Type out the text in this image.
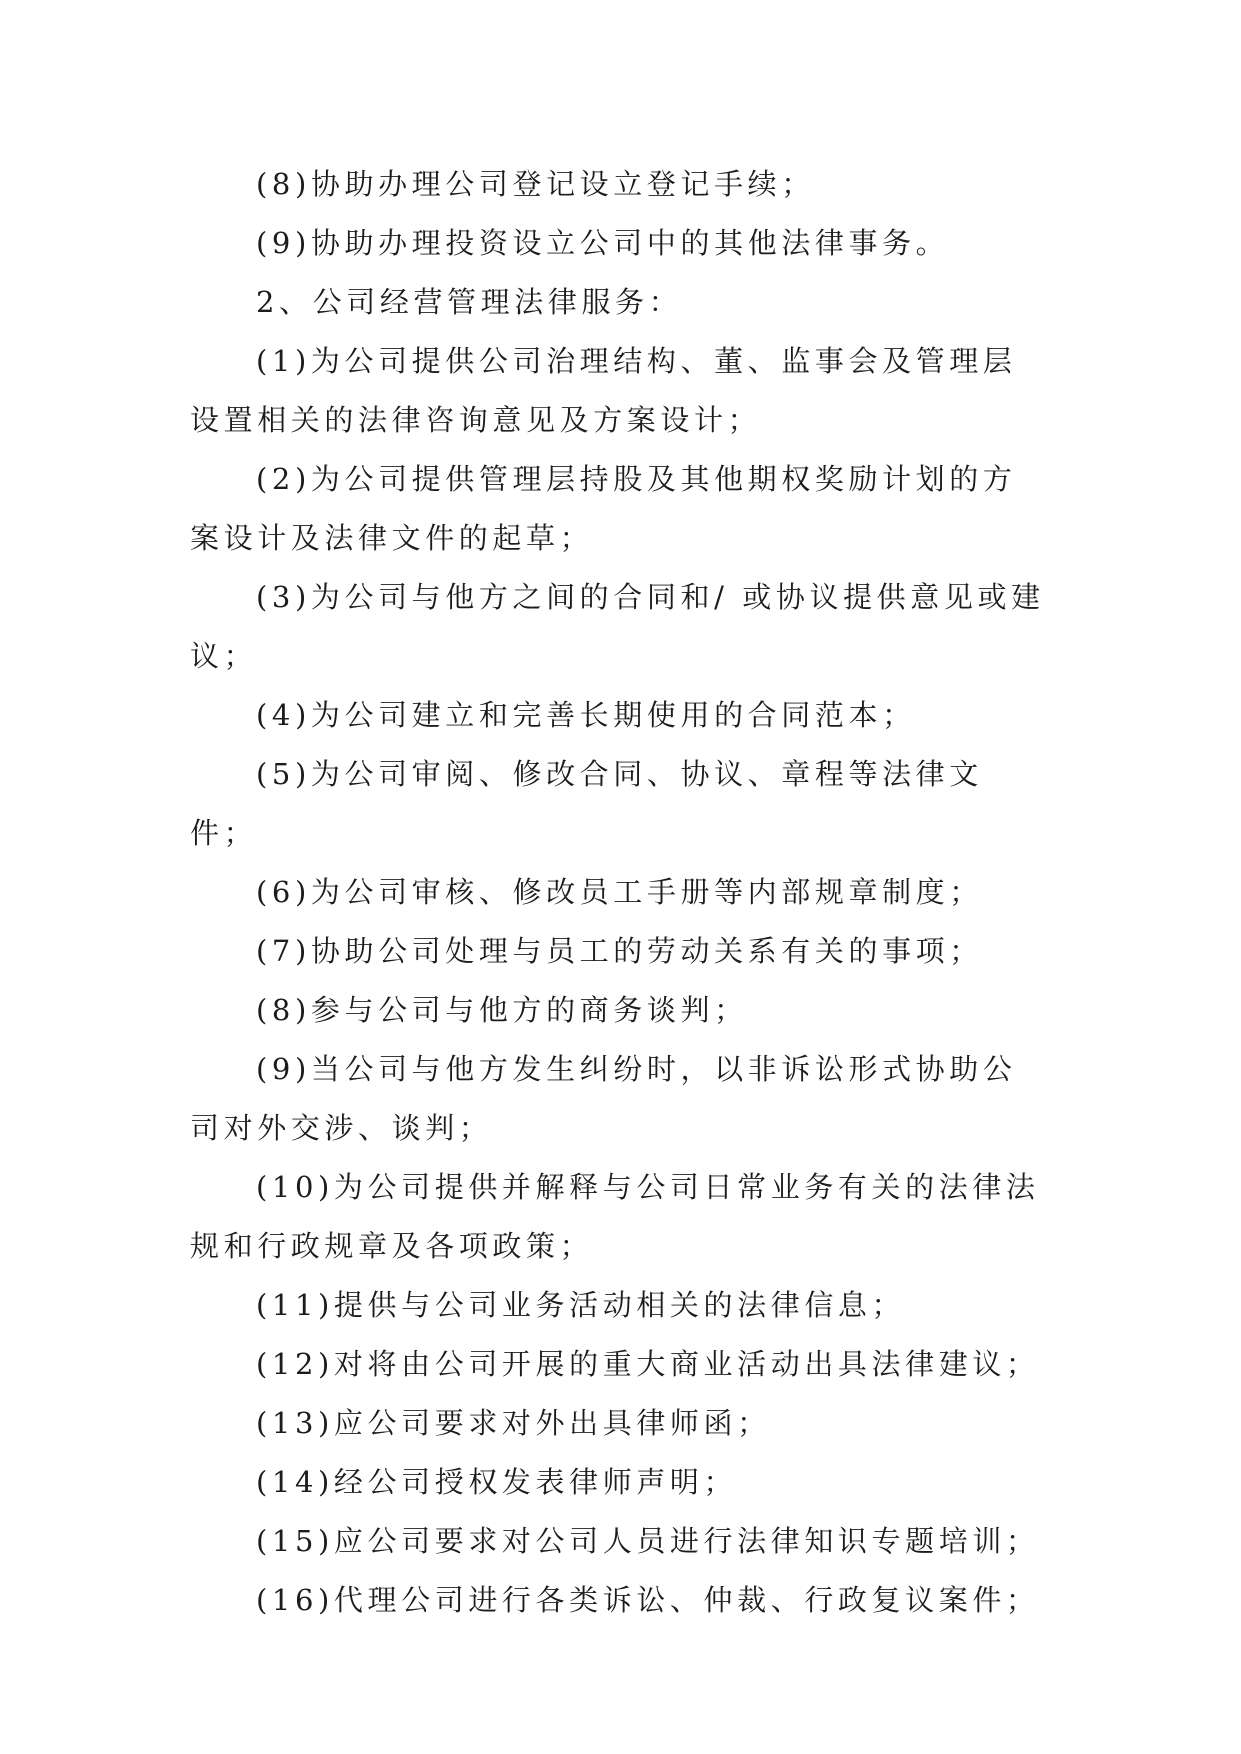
(8)协助办理公司登记设立登记手续；

(9)协助办理投资设立公司中的其他法律事务。

2、公司经营管理法律服务：

(1)为公司提供公司治理结构、董、监事会及管理层设置相关的法律咨询意见及方案设计；

(2)为公司提供管理层持股及其他期权奖励计划的方案设计及法律文件的起草；

(3)为公司与他方之间的合同和/ 或协议提供意见或建议；

(4)为公司建立和完善长期使用的合同范本；

(5)为公司审阅、修改合同、协议、章程等法律文件；

(6)为公司审核、修改员工手册等内部规章制度；

(7)协助公司处理与员工的劳动关系有关的事项；

(8)参与公司与他方的商务谈判；

(9)当公司与他方发生纠纷时，以非诉讼形式协助公司对外交涉、谈判；

(10)为公司提供并解释与公司日常业务有关的法律法规和行政规章及各项政策；

(11)提供与公司业务活动相关的法律信息；

(12)对将由公司开展的重大商业活动出具法律建议；

(13)应公司要求对外出具律师函；

(14)经公司授权发表律师声明；

(15)应公司要求对公司人员进行法律知识专题培训；

(16)代理公司进行各类诉讼、仲裁、行政复议案件；
